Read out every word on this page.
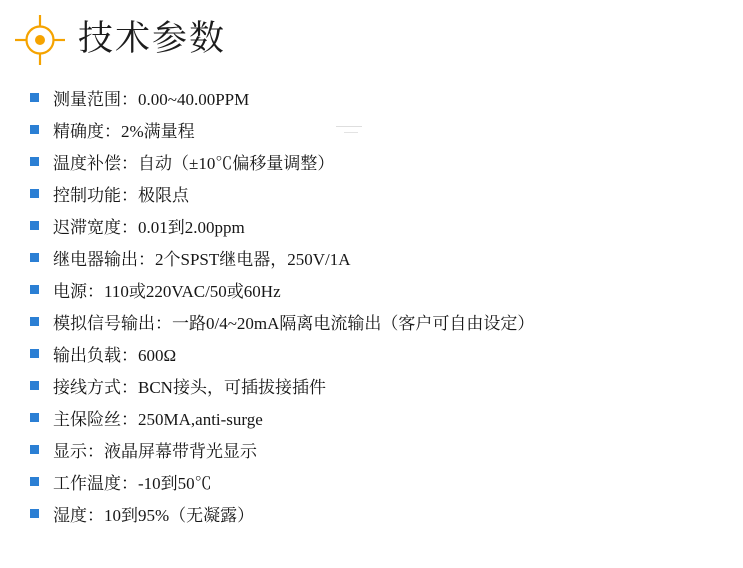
技术参数
测量范围：0.00~40.00PPM
精确度：2%满量程
温度补偿：自动（±10℃偏移量调整）
控制功能：极限点
迟滞宽度：0.01到2.00ppm
继电器输出：2个SPST继电器，250V/1A
电源：110或220VAC/50或60Hz
模拟信号输出：一路0/4~20mA隔离电流输出（客户可自由设定）
输出负载：600Ω
接线方式：BCN接头，可插拔接插件
主保险丝：250MA,anti-surge
显示：液晶屏幕带背光显示
工作温度：-10到50℃
湿度：10到95%（无凝露）
